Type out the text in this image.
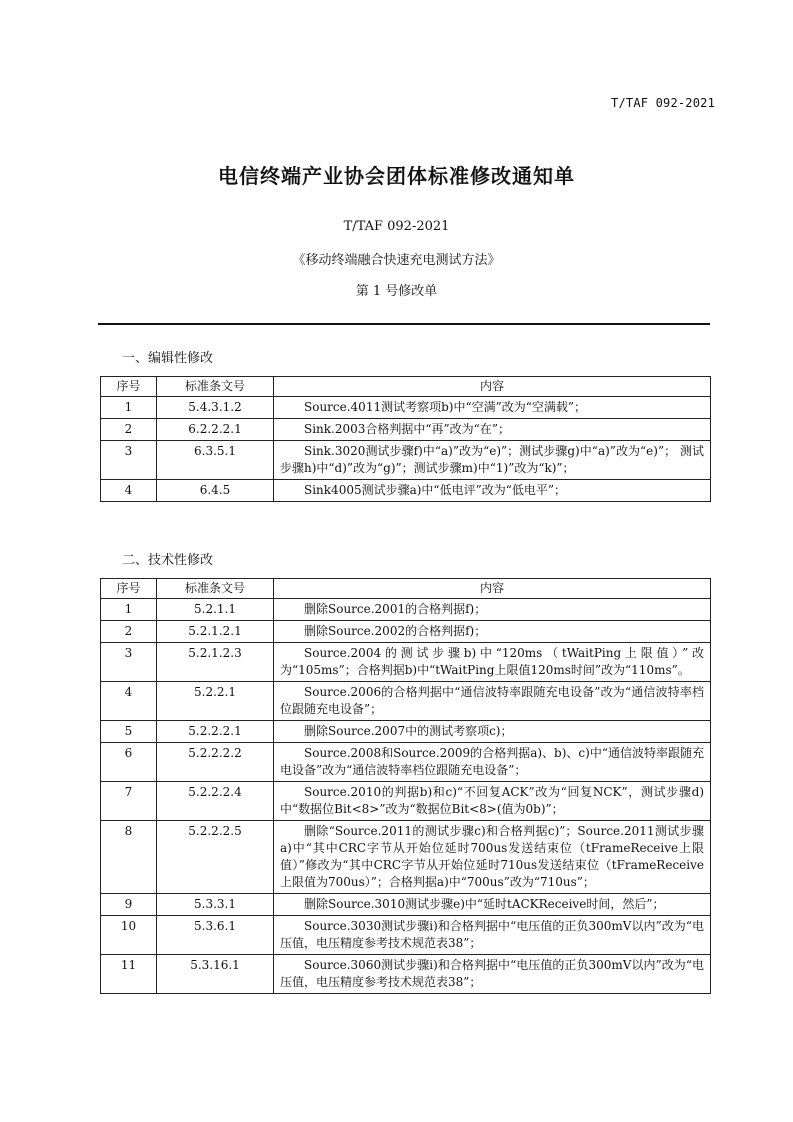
T/TAF 092-2021
电信终端产业协会团体标准修改通知单
T/TAF 092-2021
《移动终端融合快速充电测试方法》
第 1 号修改单
一、编辑性修改
序号	标准条文号	内容
1	5.4.3.1.2	Source.4011测试考察项b)中“空满”改为“空满载”；
2	6.2.2.2.1	Sink.2003合格判据中“再”改为“在”；
3	6.3.5.1	Sink.3020测试步骤f)中“a)”改为“e)”；测试步骤g)中“a)”改为“e)”； 测试步骤h)中“d)”改为“g)”；测试步骤m)中“1)”改为“k)”；
4	6.4.5	Sink4005测试步骤a)中“低电评”改为“低电平”；
二、技术性修改
序号	标准条文号	内容
1	5.2.1.1	删除Source.2001的合格判据f)；
2	5.2.1.2.1	删除Source.2002的合格判据f)；
3	5.2.1.2.3	Source.2004的测试步骤b)中“120ms（tWaitPing上限值）”改为“105ms”；合格判据b)中“tWaitPing上限值120ms时间”改为“110ms”。
4	5.2.2.1	Source.2006的合格判据中“通信波特率跟随充电设备”改为“通信波特率档位跟随充电设备”；
5	5.2.2.2.1	删除Source.2007中的测试考察项c)；
6	5.2.2.2.2	Source.2008和Source.2009的合格判据a)、b)、c)中“通信波特率跟随充电设备”改为“通信波特率档位跟随充电设备”；
7	5.2.2.2.4	Source.2010的判据b)和c)“不回复ACK”改为“回复NCK”，测试步骤d)中“数据位Bit<8>”改为“数据位Bit<8>(值为0b)”；
8	5.2.2.2.5	删除“Source.2011的测试步骤c)和合格判据c)”；Source.2011测试步骤a)中“其中CRC字节从开始位延时700us发送结束位（tFrameReceive上限值）”修改为“其中CRC字节从开始位延时710us发送结束位（tFrameReceive上限值为700us）”；合格判据a)中“700us”改为“710us”；
9	5.3.3.1	删除Source.3010测试步骤e)中“延时tACKReceive时间，然后”；
10	5.3.6.1	Source.3030测试步骤i)和合格判据中“电压值的正负300mV以内”改为“电压值，电压精度参考技术规范表38”；
11	5.3.16.1	Source.3060测试步骤i)和合格判据中“电压值的正负300mV以内”改为“电压值，电压精度参考技术规范表38”；
